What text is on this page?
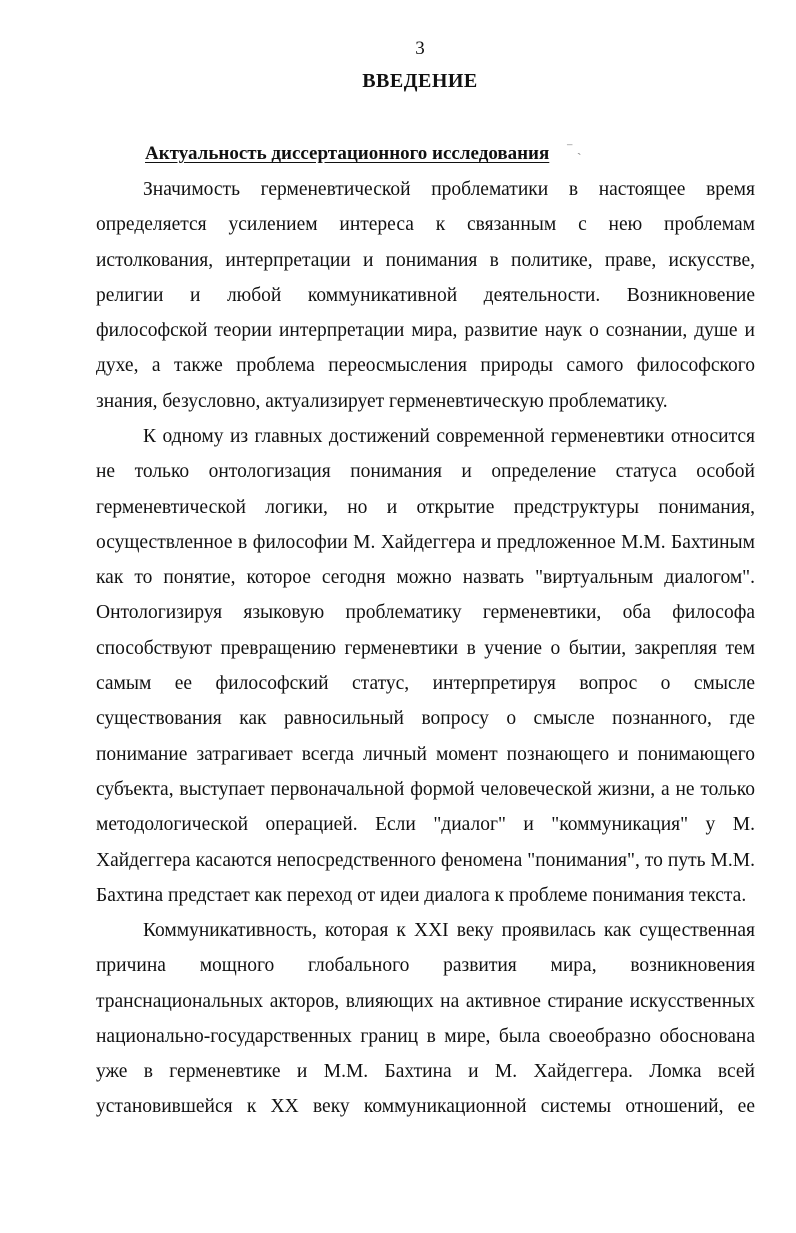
3
ВВЕДЕНИЕ
Актуальность диссертационного исследования ⁻ ˏ

Значимость герменевтической проблематики в настоящее время определяется усилением интереса к связанным с нею проблемам истолкования, интерпретации и понимания в политике, праве, искусстве, религии и любой коммуникативной деятельности. Возникновение философской теории интерпретации мира, развитие наук о сознании, душе и духе, а также проблема переосмысления природы самого философского знания, безусловно, актуализирует герменевтическую проблематику.

К одному из главных достижений современной герменевтики относится не только онтологизация понимания и определение статуса особой герменевтической логики, но и открытие предструктуры понимания, осуществленное в философии М. Хайдеггера и предложенное М.М. Бахтиным как то понятие, которое сегодня можно назвать "виртуальным диалогом". Онтологизируя языковую проблематику герменевтики, оба философа способствуют превращению герменевтики в учение о бытии, закрепляя тем самым ее философский статус, интерпретируя вопрос о смысле существования как равносильный вопросу о смысле познанного, где понимание затрагивает всегда личный момент познающего и понимающего субъекта, выступает первоначальной формой человеческой жизни, а не только методологической операцией. Если "диалог" и "коммуникация" у М. Хайдеггера касаются непосредственного феномена "понимания", то путь М.М. Бахтина предстает как переход от идеи диалога к проблеме понимания текста.

Коммуникативность, которая к XXI веку проявилась как существенная причина мощного глобального развития мира, возникновения транснациональных акторов, влияющих на активное стирание искусственных национально-государственных границ в мире, была своеобразно обоснована уже в герменевтике и М.М. Бахтина и М. Хайдеггера. Ломка всей установившейся к XX веку коммуникационной системы отношений, ее
